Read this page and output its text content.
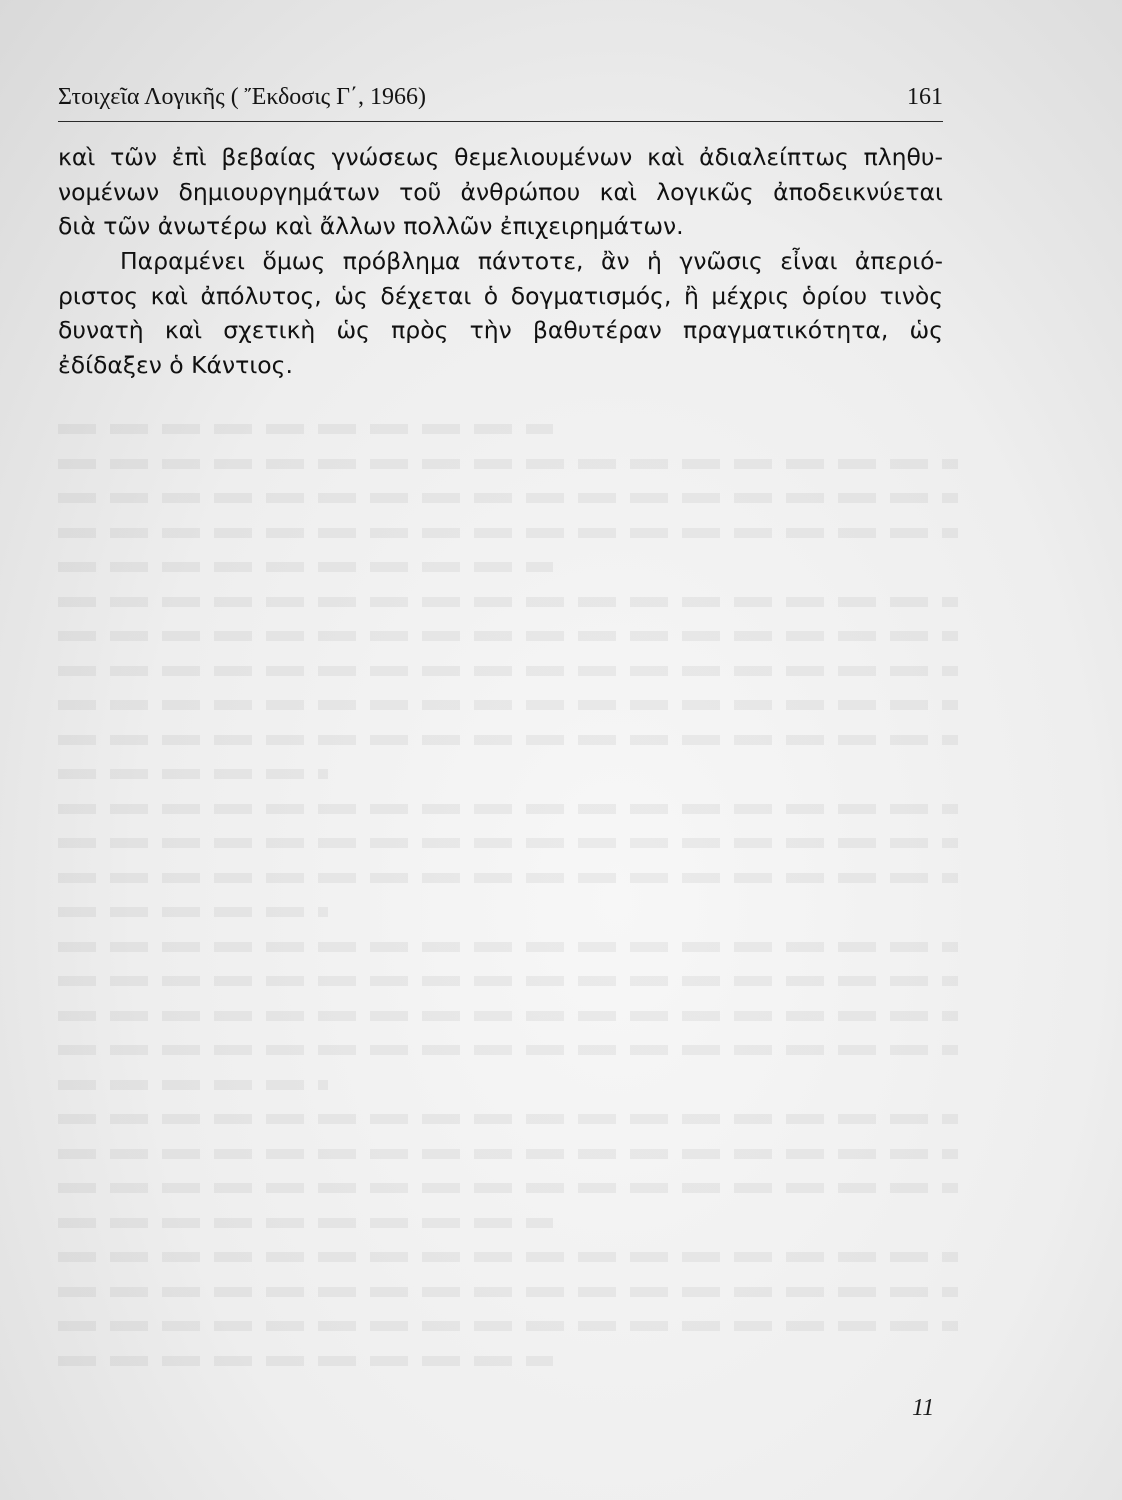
Στοιχεῖα Λογικῆς ( Ἔκδοσις Γ΄, 1966)	161
καὶ τῶν ἐπὶ βεβαίας γνώσεως θεμελιουμένων καὶ ἀδιαλείπτως πληθυ-
νομένων δημιουργημάτων τοῦ ἀνθρώπου καὶ λογικῶς ἀποδεικνύεται
διὰ τῶν ἀνωτέρω καὶ ἄλλων πολλῶν ἐπιχειρημάτων.
Παραμένει ὅμως πρόβλημα πάντοτε, ἂν ἡ γνῶσις εἶναι ἀπεριό-
ριστος καὶ ἀπόλυτος, ὡς δέχεται ὁ δογματισμός, ἢ μέχρις ὁρίου τινὸς
δυνατὴ καὶ σχετικὴ ὡς πρὸς τὴν βαθυτέραν πραγματικότητα, ὡς
ἐδίδαξεν ὁ Κάντιος.
11
